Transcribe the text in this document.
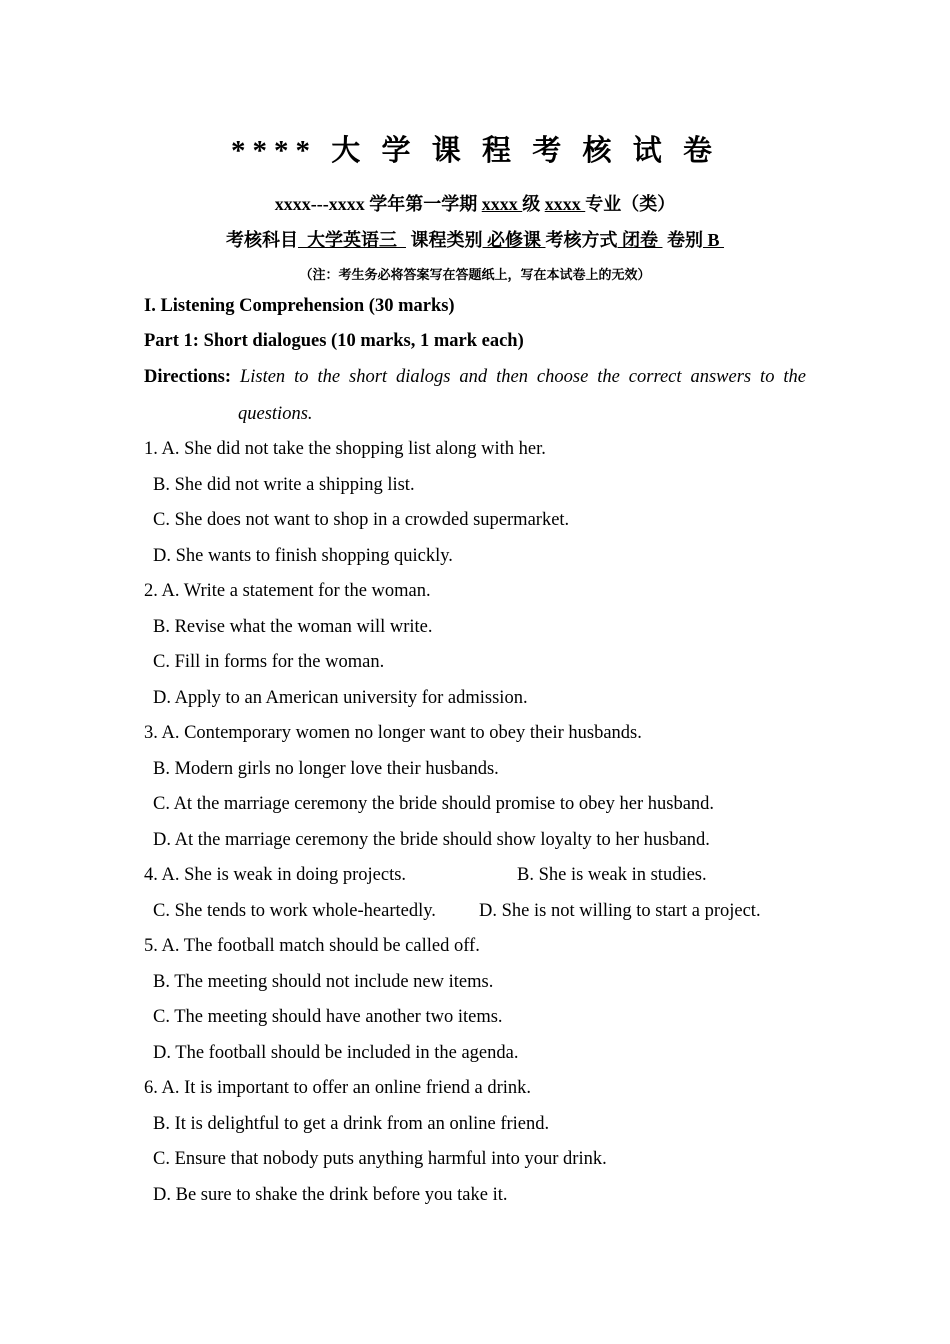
**** 大 学 课 程 考 核 试 卷
xxxx---xxxx 学年第一学期 xxxx 级 xxxx 专业（类）
考核科目  大学英语三   课程类别 必修课 考核方式 闭卷  卷别 B
（注：考生务必将答案写在答题纸上，写在本试卷上的无效）
I. Listening Comprehension (30 marks)
Part 1: Short dialogues (10 marks, 1 mark each)
Directions: Listen to the short dialogs and then choose the correct answers to the
questions.
1. A. She did not take the shopping list along with her.
B. She did not write a shipping list.
C. She does not want to shop in a crowded supermarket.
D. She wants to finish shopping quickly.
2. A. Write a statement for the woman.
B. Revise what the woman will write.
C. Fill in forms for the woman.
D. Apply to an American university for admission.
3. A. Contemporary women no longer want to obey their husbands.
B. Modern girls no longer love their husbands.
C. At the marriage ceremony the bride should promise to obey her husband.
D. At the marriage ceremony the bride should show loyalty to her husband.
4. A. She is weak in doing projects.	B. She is weak in studies.
C. She tends to work whole-heartedly. D. She is not willing to start a project.
5. A. The football match should be called off.
B. The meeting should not include new items.
C. The meeting should have another two items.
D. The football should be included in the agenda.
6. A. It is important to offer an online friend a drink.
B. It is delightful to get a drink from an online friend.
C. Ensure that nobody puts anything harmful into your drink.
D. Be sure to shake the drink before you take it.
